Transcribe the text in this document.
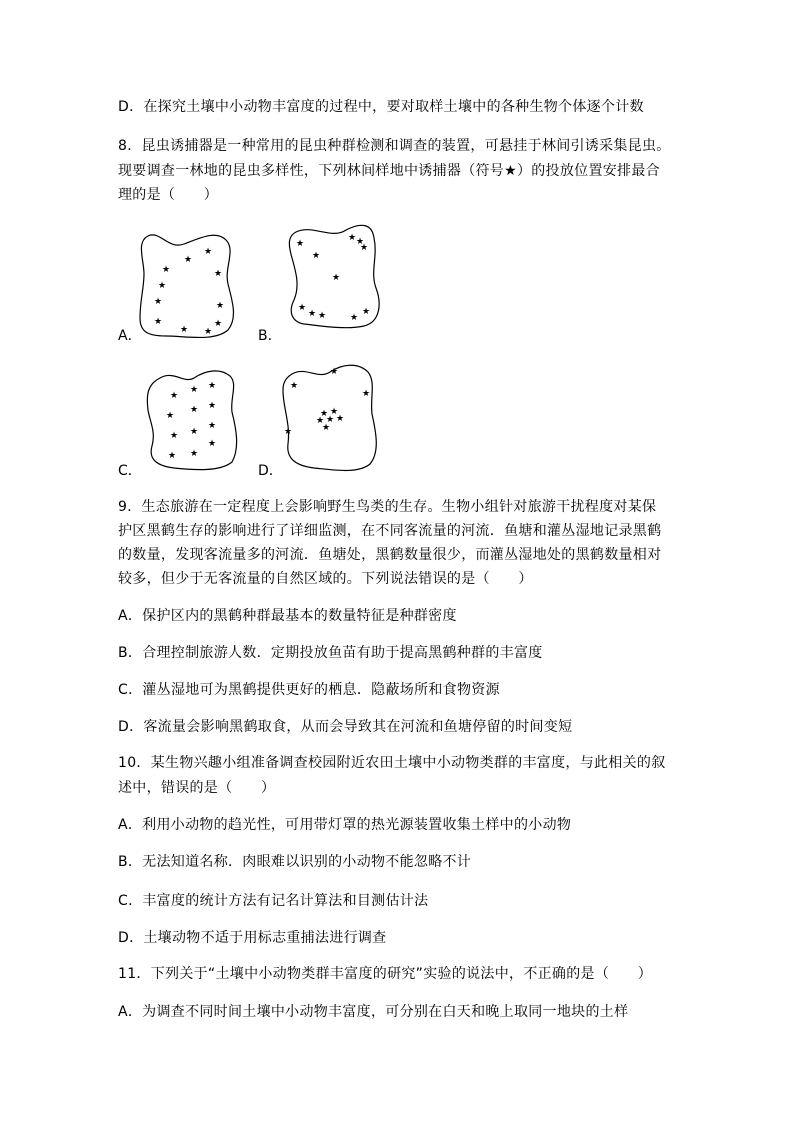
D．在探究土壤中小动物丰富度的过程中，要对取样土壤中的各种生物个体逐个计数
8．昆虫诱捕器是一种常用的昆虫种群检测和调查的装置，可悬挂于林间引诱采集昆虫。
现要调查一林地的昆虫多样性，下列林间样地中诱捕器（符号★）的投放位置安排最合
理的是（　　）
★
★
★
★
★
★	★
★
★ ★
★
A．
★
★
★ ★
★
★
★
★ ★	★
★
B．
★
★ ★
★
★ ★
★ ★
★
★ ★
★
C．
★
★
★
★ ★
★ ★ ★
★
★
D．
9．生态旅游在一定程度上会影响野生鸟类的生存。生物小组针对旅游干扰程度对某保
护区黑鹤生存的影响进行了详细监测，在不同客流量的河流．鱼塘和灌丛湿地记录黑鹤
的数量，发现客流量多的河流．鱼塘处，黑鹤数量很少，而灌丛湿地处的黑鹤数量相对
较多，但少于无客流量的自然区域的。下列说法错误的是（　　）
A．保护区内的黑鹤种群最基本的数量特征是种群密度
B．合理控制旅游人数．定期投放鱼苗有助于提高黑鹤种群的丰富度
C．灌丛湿地可为黑鹤提供更好的栖息．隐蔽场所和食物资源
D．客流量会影响黑鹤取食，从而会导致其在河流和鱼塘停留的时间变短
10．某生物兴趣小组准备调查校园附近农田土壤中小动物类群的丰富度，与此相关的叙
述中，错误的是（　　）
A．利用小动物的趋光性，可用带灯罩的热光源装置收集土样中的小动物
B．无法知道名称．肉眼难以识别的小动物不能忽略不计
C．丰富度的统计方法有记名计算法和目测估计法
D．土壤动物不适于用标志重捕法进行调查
11．下列关于“土壤中小动物类群丰富度的研究”实验的说法中，不正确的是（　　）
A．为调查不同时间土壤中小动物丰富度，可分别在白天和晚上取同一地块的土样
